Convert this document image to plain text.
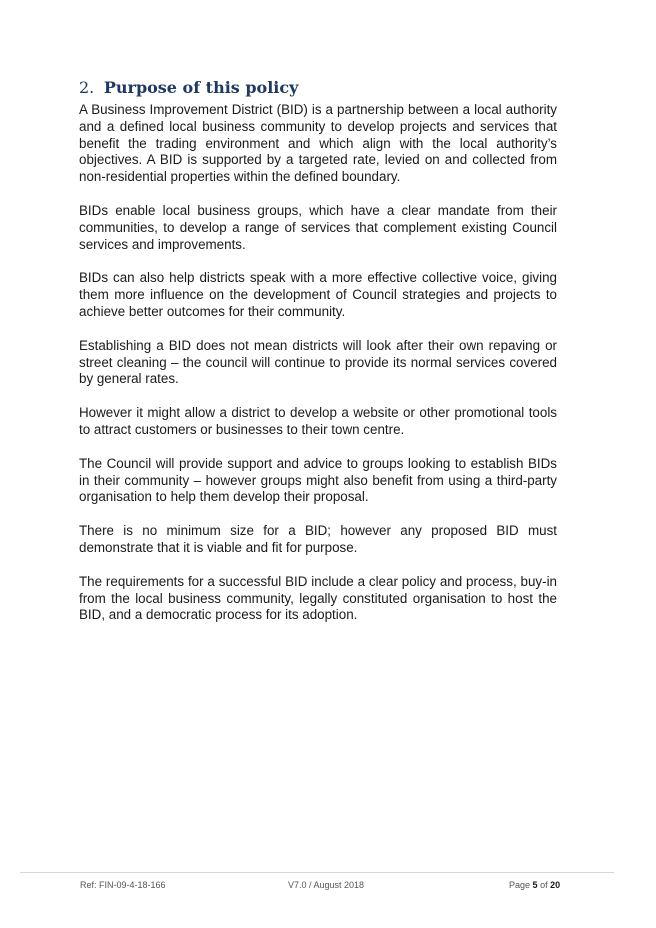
2. Purpose of this policy

A Business Improvement District (BID) is a partnership between a local authority and a defined local business community to develop projects and services that benefit the trading environment and which align with the local authority’s objectives. A BID is supported by a targeted rate, levied on and collected from non-residential properties within the defined boundary.

BIDs enable local business groups, which have a clear mandate from their communities, to develop a range of services that complement existing Council services and improvements.

BIDs can also help districts speak with a more effective collective voice, giving them more influence on the development of Council strategies and projects to achieve better outcomes for their community.

Establishing a BID does not mean districts will look after their own repaving or street cleaning – the council will continue to provide its normal services covered by general rates.

However it might allow a district to develop a website or other promotional tools to attract customers or businesses to their town centre.

The Council will provide support and advice to groups looking to establish BIDs in their community – however groups might also benefit from using a third-party organisation to help them develop their proposal.

There is no minimum size for a BID; however any proposed BID must demonstrate that it is viable and fit for purpose.

The requirements for a successful BID include a clear policy and process, buy-in from the local business community, legally constituted organisation to host the BID, and a democratic process for its adoption.

Ref: FIN-09-4-18-166	V7.0 / August 2018	Page 5 of 20
